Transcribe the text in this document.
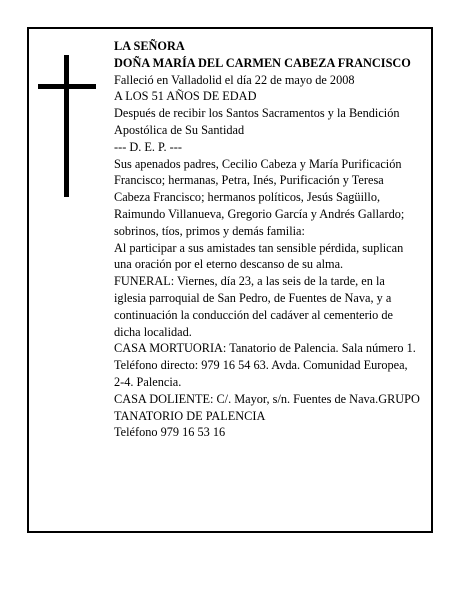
LA SEÑORA

DOÑA MARÍA DEL CARMEN CABEZA FRANCISCO

Falleció en Valladolid el día 22 de mayo de 2008

A LOS 51 AÑOS DE EDAD

Después de recibir los Santos Sacramentos y la Bendición Apostólica de Su Santidad

--- D. E. P. ---

Sus apenados padres, Cecilio Cabeza y María Purificación Francisco; hermanas, Petra, Inés, Purificación y Teresa Cabeza Francisco; hermanos políticos, Jesús Sagüillo, Raimundo Villanueva, Gregorio García y Andrés Gallardo; sobrinos, tíos, primos y demás familia:

Al participar a sus amistades tan sensible pérdida, suplican una oración por el eterno descanso de su alma.

FUNERAL: Viernes, día 23, a las seis de la tarde, en la iglesia parroquial de San Pedro, de Fuentes de Nava, y a continuación la conducción del cadáver al cementerio de dicha localidad.

CASA MORTUORIA: Tanatorio de Palencia. Sala número 1. Teléfono directo: 979 16 54 63. Avda. Comunidad Europea, 2-4. Palencia.

CASA DOLIENTE: C/. Mayor, s/n. Fuentes de Nava.GRUPO TANATORIO DE PALENCIA

Teléfono 979 16 53 16
